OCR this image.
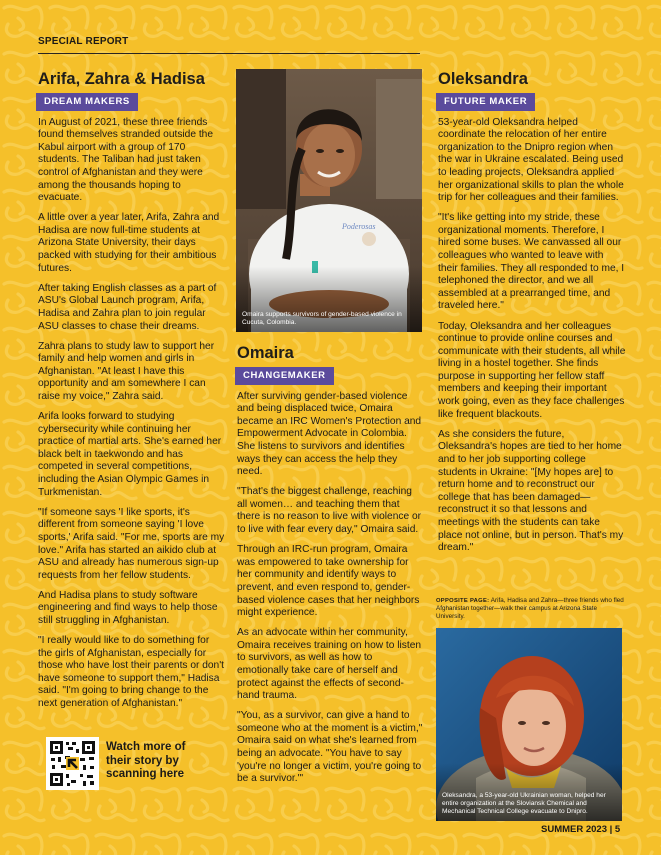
SPECIAL REPORT
Arifa, Zahra & Hadisa
DREAM MAKERS

In August of 2021, these three friends found themselves stranded outside the Kabul airport with a group of 170 students. The Taliban had just taken control of Afghanistan and they were among the thousands hoping to evacuate.

A little over a year later, Arifa, Zahra and Hadisa are now full-time students at Arizona State University, their days packed with studying for their ambitious futures.

After taking English classes as a part of ASU's Global Launch program, Arifa, Hadisa and Zahra plan to join regular ASU classes to chase their dreams.

Zahra plans to study law to support her family and help women and girls in Afghanistan. "At least I have this opportunity and am somewhere I can raise my voice," Zahra said.

Arifa looks forward to studying cybersecurity while continuing her practice of martial arts. She's earned her black belt in taekwondo and has competed in several competitions, including the Asian Olympic Games in Turkmenistan.

"If someone says 'I like sports, it's different from someone saying 'I love sports,' Arifa said. "For me, sports are my love." Arifa has started an aikido club at ASU and already has numerous sign-up requests from her fellow students.

And Hadisa plans to study software engineering and find ways to help those still struggling in Afghanistan.

"I really would like to do something for the girls of Afghanistan, especially for those who have lost their parents or don't have someone to support them," Hadisa said. "I'm going to bring change to the next generation of Afghanistan."

Watch more of their story by scanning here
Omaira supports survivors of gender-based violence in Cucuta, Colombia.
Omaira
CHANGEMAKER

After surviving gender-based violence and being displaced twice, Omaira became an IRC Women's Protection and Empowerment Advocate in Colombia. She listens to survivors and identifies ways they can access the help they need.

"That's the biggest challenge, reaching all women… and teaching them that there is no reason to live with violence or to live with fear every day," Omaira said.

Through an IRC-run program, Omaira was empowered to take ownership for her community and identify ways to prevent, and even respond to, gender-based violence cases that her neighbors might experience.

As an advocate within her community, Omaira receives training on how to listen to survivors, as well as how to emotionally take care of herself and protect against the effects of second-hand trauma.

"You, as a survivor, can give a hand to someone who at the moment is a victim," Omaira said on what she's learned from being an advocate. "You have to say 'you're no longer a victim, you're going to be a survivor.'"

Oleksandra
FUTURE MAKER

53-year-old Oleksandra helped coordinate the relocation of her entire organization to the Dnipro region when the war in Ukraine escalated. Being used to leading projects, Oleksandra applied her organizational skills to plan the whole trip for her colleagues and their families.

"It's like getting into my stride, these organizational moments. Therefore, I hired some buses. We canvassed all our colleagues who wanted to leave with their families. They all responded to me, I telephoned the director, and we all assembled at a prearranged time, and traveled here."

Today, Oleksandra and her colleagues continue to provide online courses and communicate with their students, all while living in a hostel together. She finds purpose in supporting her fellow staff members and keeping their important work going, even as they face challenges like frequent blackouts.

As she considers the future, Oleksandra's hopes are tied to her home and to her job supporting college students in Ukraine: "[My hopes are] to return home and to reconstruct our college that has been damaged—reconstruct it so that lessons and meetings with the students can take place not online, but in person. That's my dream."

OPPOSITE PAGE: Arifa, Hadisa and Zahra—three friends who fled Afghanistan together—walk their campus at Arizona State University.
Oleksandra, a 53-year-old Ukrainian woman, helped her entire organization at the Sloviansk Chemical and Mechanical Technical College evacuate to Dnipro.
SUMMER 2023 | 5
